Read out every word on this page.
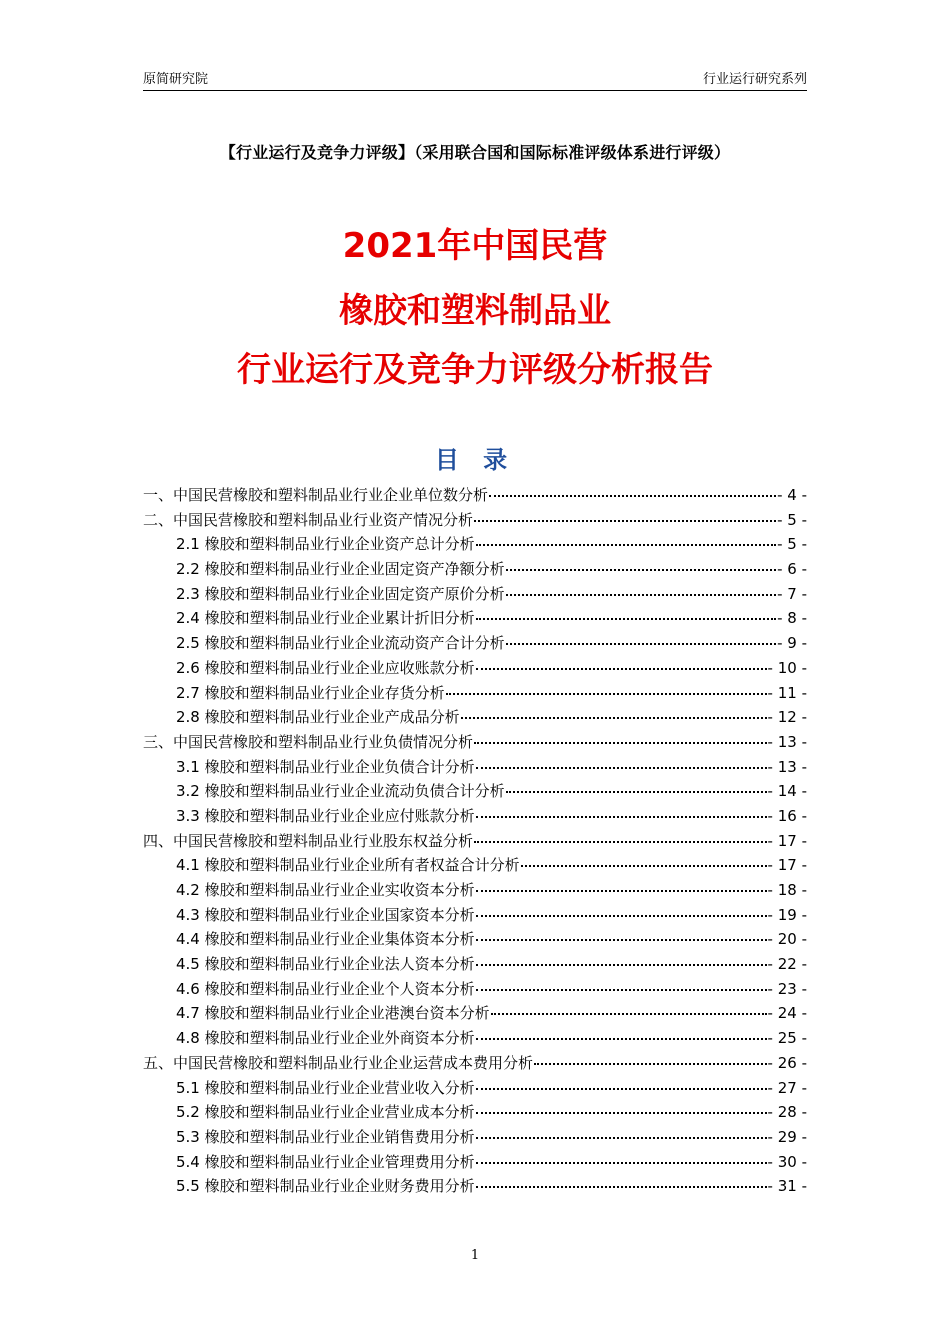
原简研究院	行业运行研究系列
【行业运行及竞争力评级】（采用联合国和国际标准评级体系进行评级）
2021年中国民营
橡胶和塑料制品业
行业运行及竞争力评级分析报告
目 录
一、中国民营橡胶和塑料制品业行业企业单位数分析	- 4 -
二、中国民营橡胶和塑料制品业行业资产情况分析	- 5 -
2.1 橡胶和塑料制品业行业企业资产总计分析	- 5 -
2.2 橡胶和塑料制品业行业企业固定资产净额分析	- 6 -
2.3 橡胶和塑料制品业行业企业固定资产原价分析	- 7 -
2.4 橡胶和塑料制品业行业企业累计折旧分析	- 8 -
2.5 橡胶和塑料制品业行业企业流动资产合计分析	- 9 -
2.6 橡胶和塑料制品业行业企业应收账款分析	- 10 -
2.7 橡胶和塑料制品业行业企业存货分析	- 11 -
2.8 橡胶和塑料制品业行业企业产成品分析	- 12 -
三、中国民营橡胶和塑料制品业行业负债情况分析	- 13 -
3.1 橡胶和塑料制品业行业企业负债合计分析	- 13 -
3.2 橡胶和塑料制品业行业企业流动负债合计分析	- 14 -
3.3 橡胶和塑料制品业行业企业应付账款分析	- 16 -
四、中国民营橡胶和塑料制品业行业股东权益分析	- 17 -
4.1 橡胶和塑料制品业行业企业所有者权益合计分析	- 17 -
4.2 橡胶和塑料制品业行业企业实收资本分析	- 18 -
4.3 橡胶和塑料制品业行业企业国家资本分析	- 19 -
4.4 橡胶和塑料制品业行业企业集体资本分析	- 20 -
4.5 橡胶和塑料制品业行业企业法人资本分析	- 22 -
4.6 橡胶和塑料制品业行业企业个人资本分析	- 23 -
4.7 橡胶和塑料制品业行业企业港澳台资本分析	- 24 -
4.8 橡胶和塑料制品业行业企业外商资本分析	- 25 -
五、中国民营橡胶和塑料制品业行业企业运营成本费用分析	- 26 -
5.1 橡胶和塑料制品业行业企业营业收入分析	- 27 -
5.2 橡胶和塑料制品业行业企业营业成本分析	- 28 -
5.3 橡胶和塑料制品业行业企业销售费用分析	- 29 -
5.4 橡胶和塑料制品业行业企业管理费用分析	- 30 -
5.5 橡胶和塑料制品业行业企业财务费用分析	- 31 -
1
